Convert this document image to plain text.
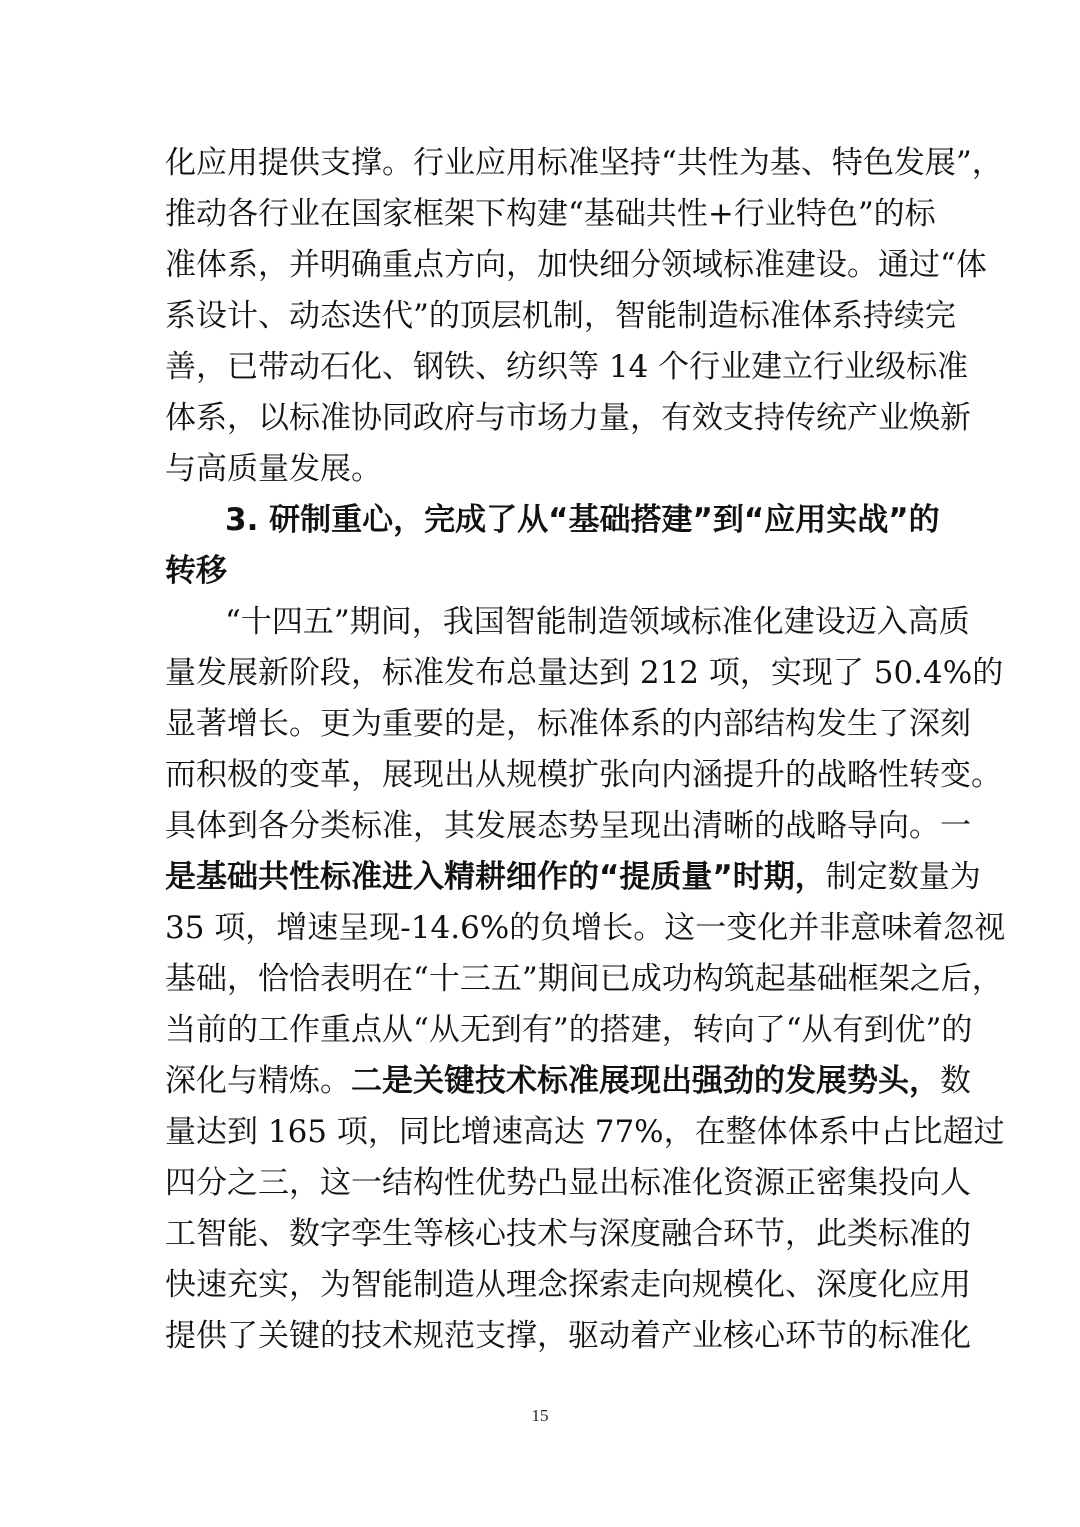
化应用提供支撑。行业应用标准坚持“共性为基、特色发展”，
推动各行业在国家框架下构建“基础共性+行业特色”的标
准体系，并明确重点方向，加快细分领域标准建设。通过“体
系设计、动态迭代”的顶层机制，智能制造标准体系持续完
善，已带动石化、钢铁、纺织等 14 个行业建立行业级标准
体系，以标准协同政府与市场力量，有效支持传统产业焕新
与高质量发展。
3. 研制重心，完成了从“基础搭建”到“应用实战”的
转移
“十四五”期间，我国智能制造领域标准化建设迈入高质
量发展新阶段，标准发布总量达到 212 项，实现了 50.4%的
显著增长。更为重要的是，标准体系的内部结构发生了深刻
而积极的变革，展现出从规模扩张向内涵提升的战略性转变。
具体到各分类标准，其发展态势呈现出清晰的战略导向。一
是基础共性标准进入精耕细作的“提质量”时期，制定数量为
35 项，增速呈现-14.6%的负增长。这一变化并非意味着忽视
基础，恰恰表明在“十三五”期间已成功构筑起基础框架之后，
当前的工作重点从“从无到有”的搭建，转向了“从有到优”的
深化与精炼。二是关键技术标准展现出强劲的发展势头，数
量达到 165 项，同比增速高达 77%，在整体体系中占比超过
四分之三，这一结构性优势凸显出标准化资源正密集投向人
工智能、数字孪生等核心技术与深度融合环节，此类标准的
快速充实，为智能制造从理念探索走向规模化、深度化应用
提供了关键的技术规范支撑，驱动着产业核心环节的标准化
15
